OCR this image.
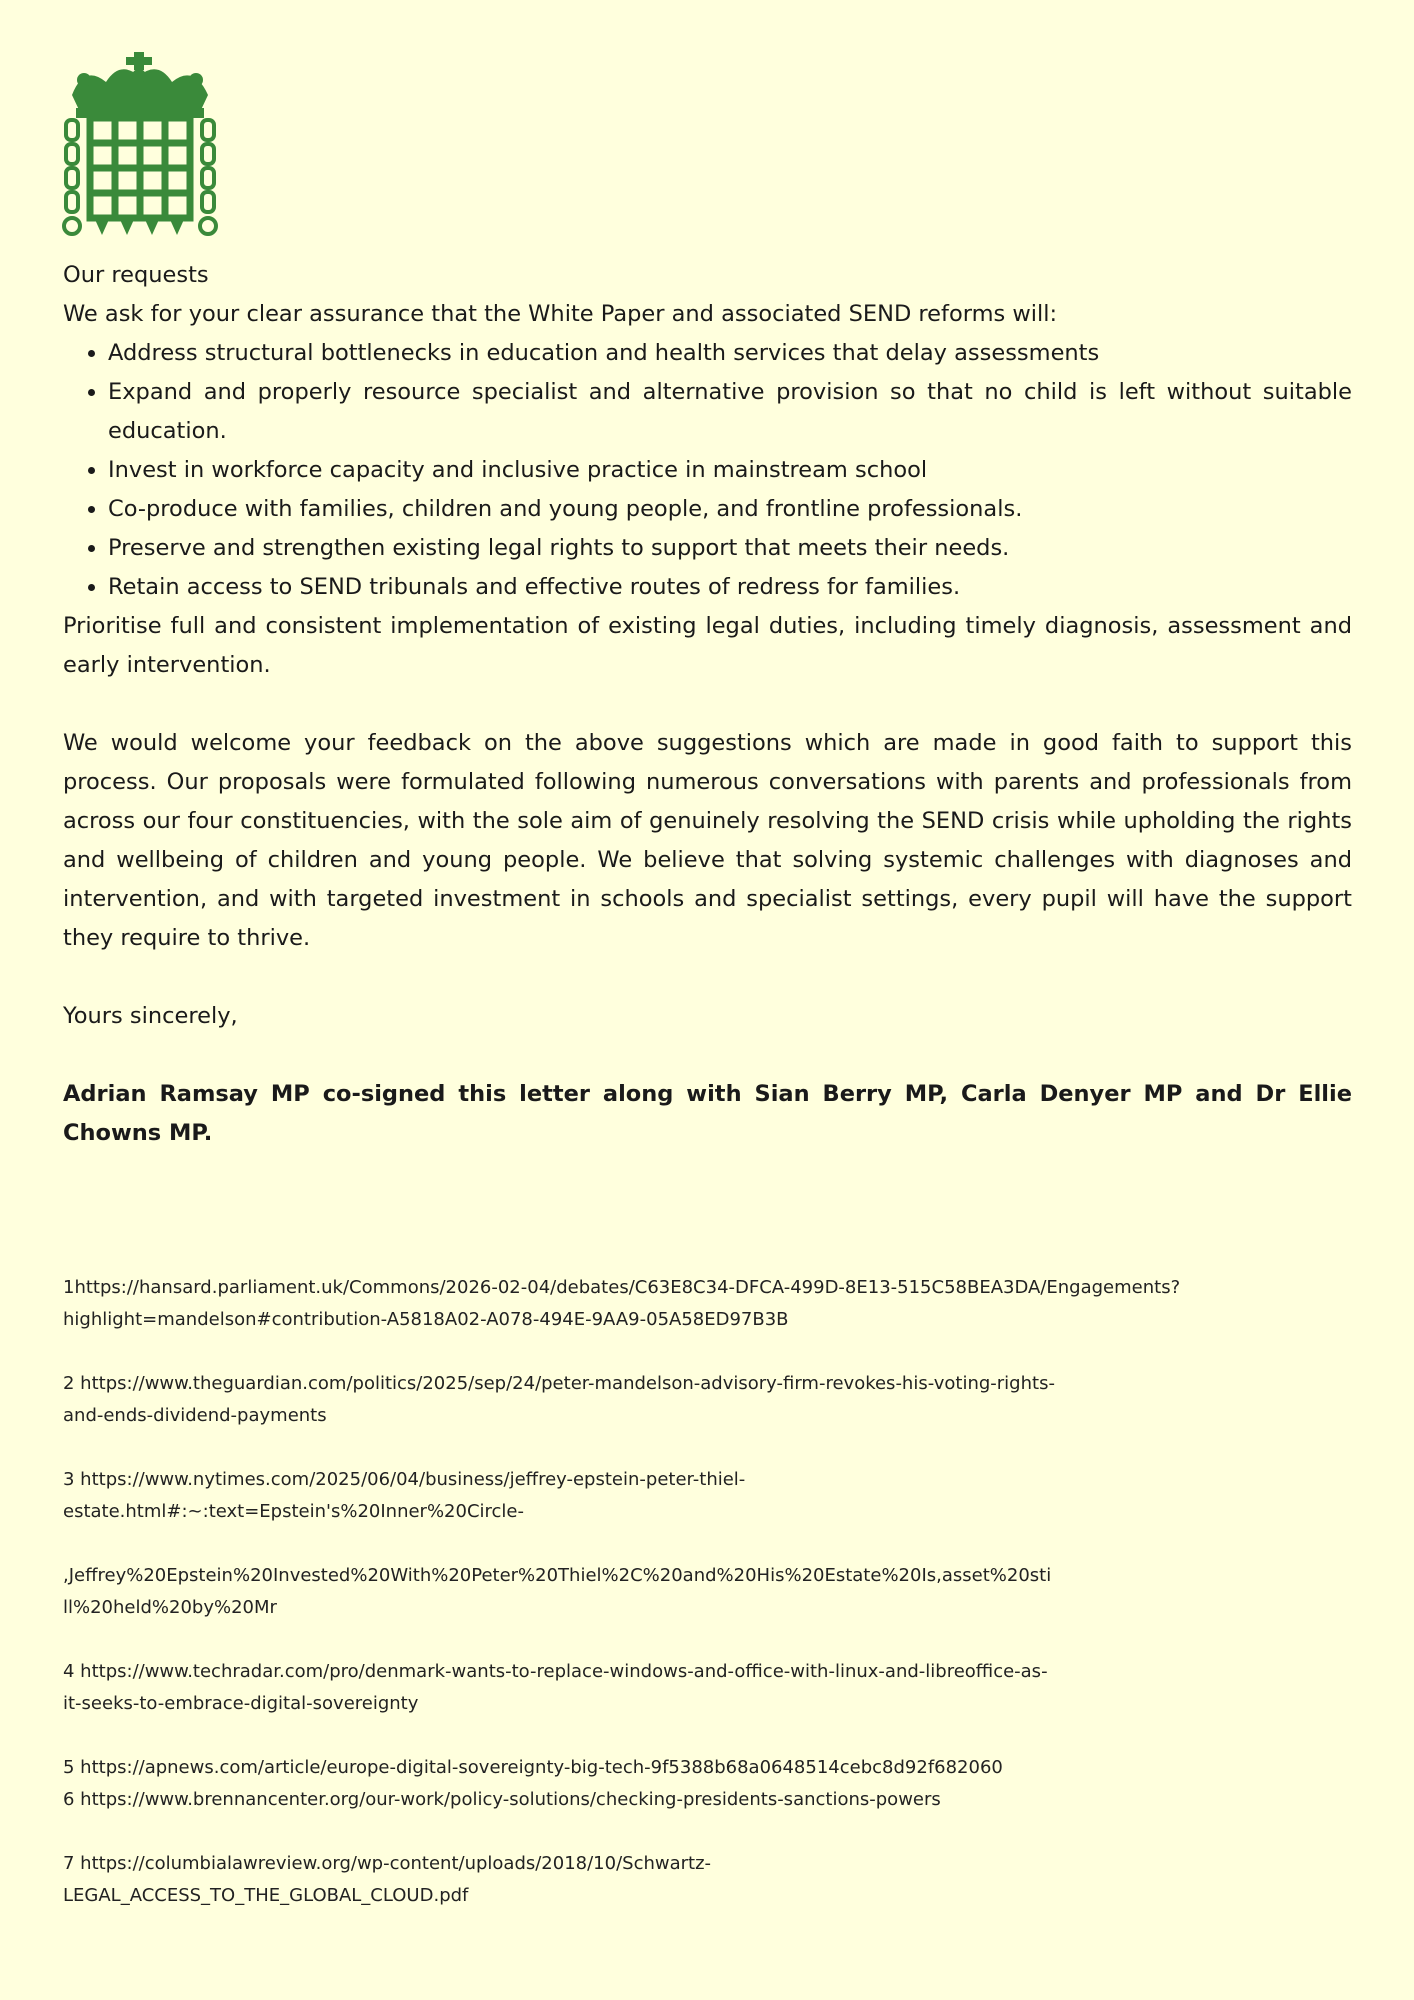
Our requests

We ask for your clear assurance that the White Paper and associated SEND reforms will:

• Address structural bottlenecks in education and health services that delay assessments
• Expand and properly resource specialist and alternative provision so that no child is left without suitable education.
• Invest in workforce capacity and inclusive practice in mainstream school
• Co-produce with families, children and young people, and frontline professionals.
• Preserve and strengthen existing legal rights to support that meets their needs.
• Retain access to SEND tribunals and effective routes of redress for families.

Prioritise full and consistent implementation of existing legal duties, including timely diagnosis, assessment and early intervention.

We would welcome your feedback on the above suggestions which are made in good faith to support this process. Our proposals were formulated following numerous conversations with parents and professionals from across our four constituencies, with the sole aim of genuinely resolving the SEND crisis while upholding the rights and wellbeing of children and young people. We believe that solving systemic challenges with diagnoses and intervention, and with targeted investment in schools and specialist settings, every pupil will have the support they require to thrive.

Yours sincerely,

Adrian Ramsay MP co-signed this letter along with Sian Berry MP, Carla Denyer MP and Dr Ellie Chowns MP.

1https://hansard.parliament.uk/Commons/2026-02-04/debates/C63E8C34-DFCA-499D-8E13-515C58BEA3DA/Engagements?
highlight=mandelson#contribution-A5818A02-A078-494E-9AA9-05A58ED97B3B

2 https://www.theguardian.com/politics/2025/sep/24/peter-mandelson-advisory-firm-revokes-his-voting-rights-
and-ends-dividend-payments

3 https://www.nytimes.com/2025/06/04/business/jeffrey-epstein-peter-thiel-
estate.html#:~:text=Epstein's%20Inner%20Circle-

,Jeffrey%20Epstein%20Invested%20With%20Peter%20Thiel%2C%20and%20His%20Estate%20Is,asset%20sti
ll%20held%20by%20Mr

4 https://www.techradar.com/pro/denmark-wants-to-replace-windows-and-office-with-linux-and-libreoffice-as-
it-seeks-to-embrace-digital-sovereignty

5 https://apnews.com/article/europe-digital-sovereignty-big-tech-9f5388b68a0648514cebc8d92f682060

6 https://www.brennancenter.org/our-work/policy-solutions/checking-presidents-sanctions-powers

7 https://columbialawreview.org/wp-content/uploads/2018/10/Schwartz-
LEGAL_ACCESS_TO_THE_GLOBAL_CLOUD.pdf
